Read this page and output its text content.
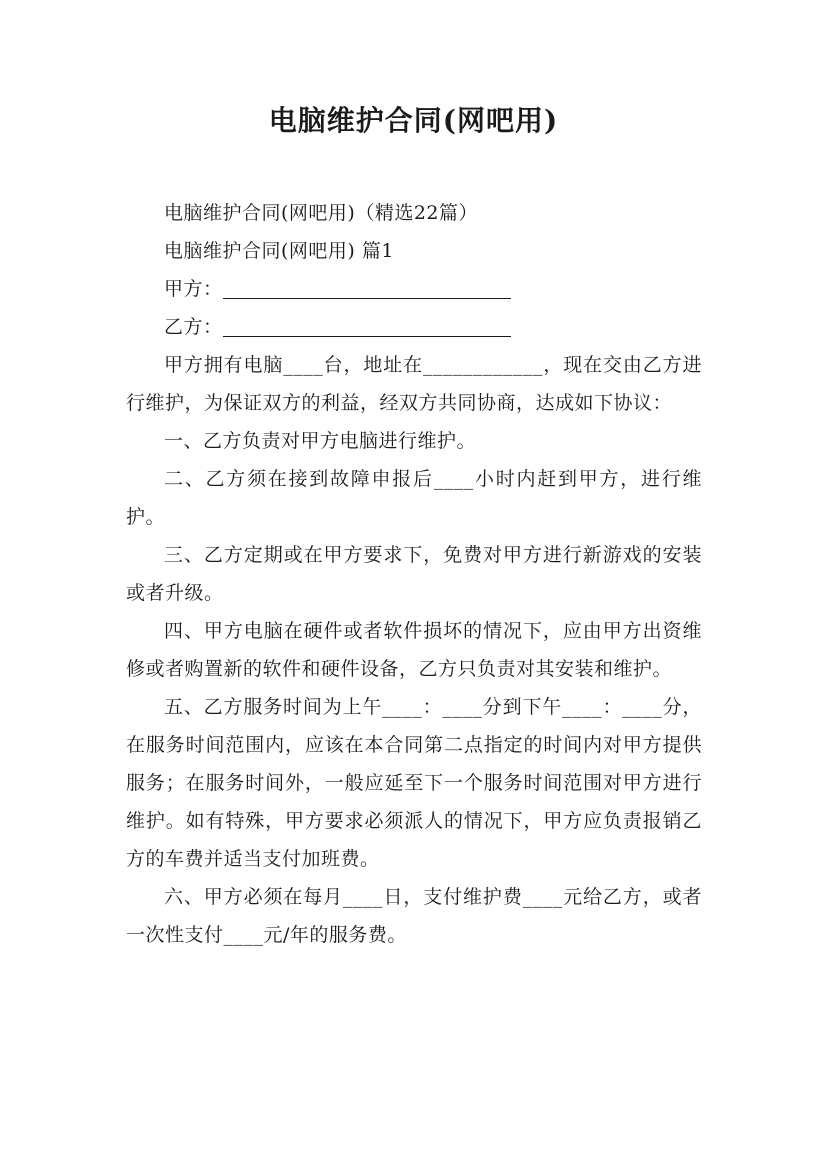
电脑维护合同(网吧用)

电脑维护合同(网吧用)（精选22篇）

电脑维护合同(网吧用) 篇1

甲方：

乙方：

甲方拥有电脑____台，地址在____________，现在交由乙方进行维护，为保证双方的利益，经双方共同协商，达成如下协议：

一、乙方负责对甲方电脑进行维护。

二、乙方须在接到故障申报后____小时内赶到甲方，进行维护。

三、乙方定期或在甲方要求下，免费对甲方进行新游戏的安装或者升级。

四、甲方电脑在硬件或者软件损坏的情况下，应由甲方出资维修或者购置新的软件和硬件设备，乙方只负责对其安装和维护。

五、乙方服务时间为上午____：____分到下午____：____分，在服务时间范围内，应该在本合同第二点指定的时间内对甲方提供服务；在服务时间外，一般应延至下一个服务时间范围对甲方进行维护。如有特殊，甲方要求必须派人的情况下，甲方应负责报销乙方的车费并适当支付加班费。

六、甲方必须在每月____日，支付维护费____元给乙方，或者一次性支付____元/年的服务费。
